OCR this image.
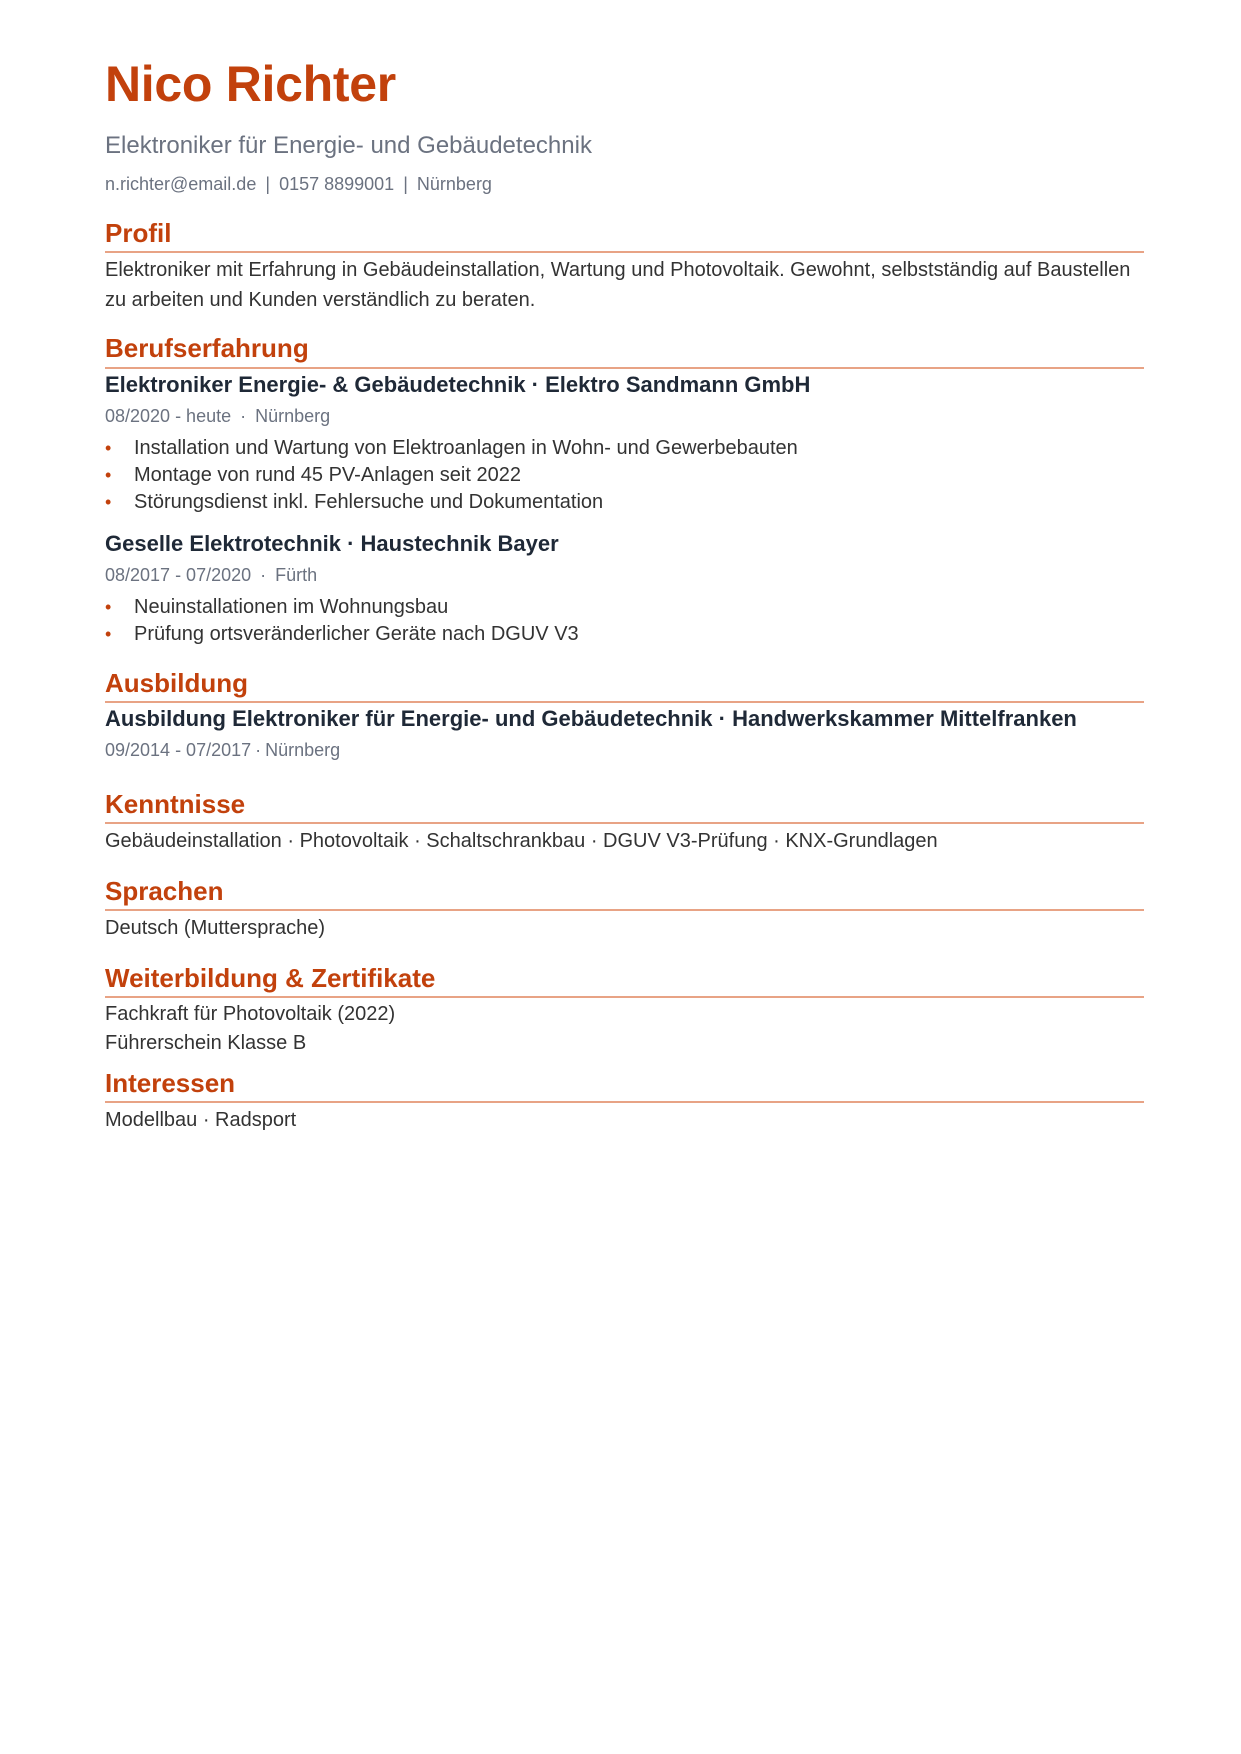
Nico Richter
Elektroniker für Energie- und Gebäudetechnik
n.richter@email.de | 0157 8899001 | Nürnberg
Profil

Elektroniker mit Erfahrung in Gebäudeinstallation, Wartung und Photovoltaik. Gewohnt, selbstständig auf Baustellen zu arbeiten und Kunden verständlich zu beraten.

Berufserfahrung
Elektroniker Energie- & Gebäudetechnik · Elektro Sandmann GmbH
08/2020 - heute · Nürnberg
• Installation und Wartung von Elektroanlagen in Wohn- und Gewerbebauten
• Montage von rund 45 PV-Anlagen seit 2022
• Störungsdienst inkl. Fehlersuche und Dokumentation
Geselle Elektrotechnik · Haustechnik Bayer
08/2017 - 07/2020 · Fürth
• Neuinstallationen im Wohnungsbau
• Prüfung ortsveränderlicher Geräte nach DGUV V3
Ausbildung
Ausbildung Elektroniker für Energie- und Gebäudetechnik · Handwerkskammer Mittelfranken
09/2014 - 07/2017 · Nürnberg
Kenntnisse

Gebäudeinstallation · Photovoltaik · Schaltschrankbau · DGUV V3-Prüfung · KNX-Grundlagen

Sprachen

Deutsch (Muttersprache)

Weiterbildung & Zertifikate
Fachkraft für Photovoltaik (2022)
Führerschein Klasse B
Interessen

Modellbau · Radsport
